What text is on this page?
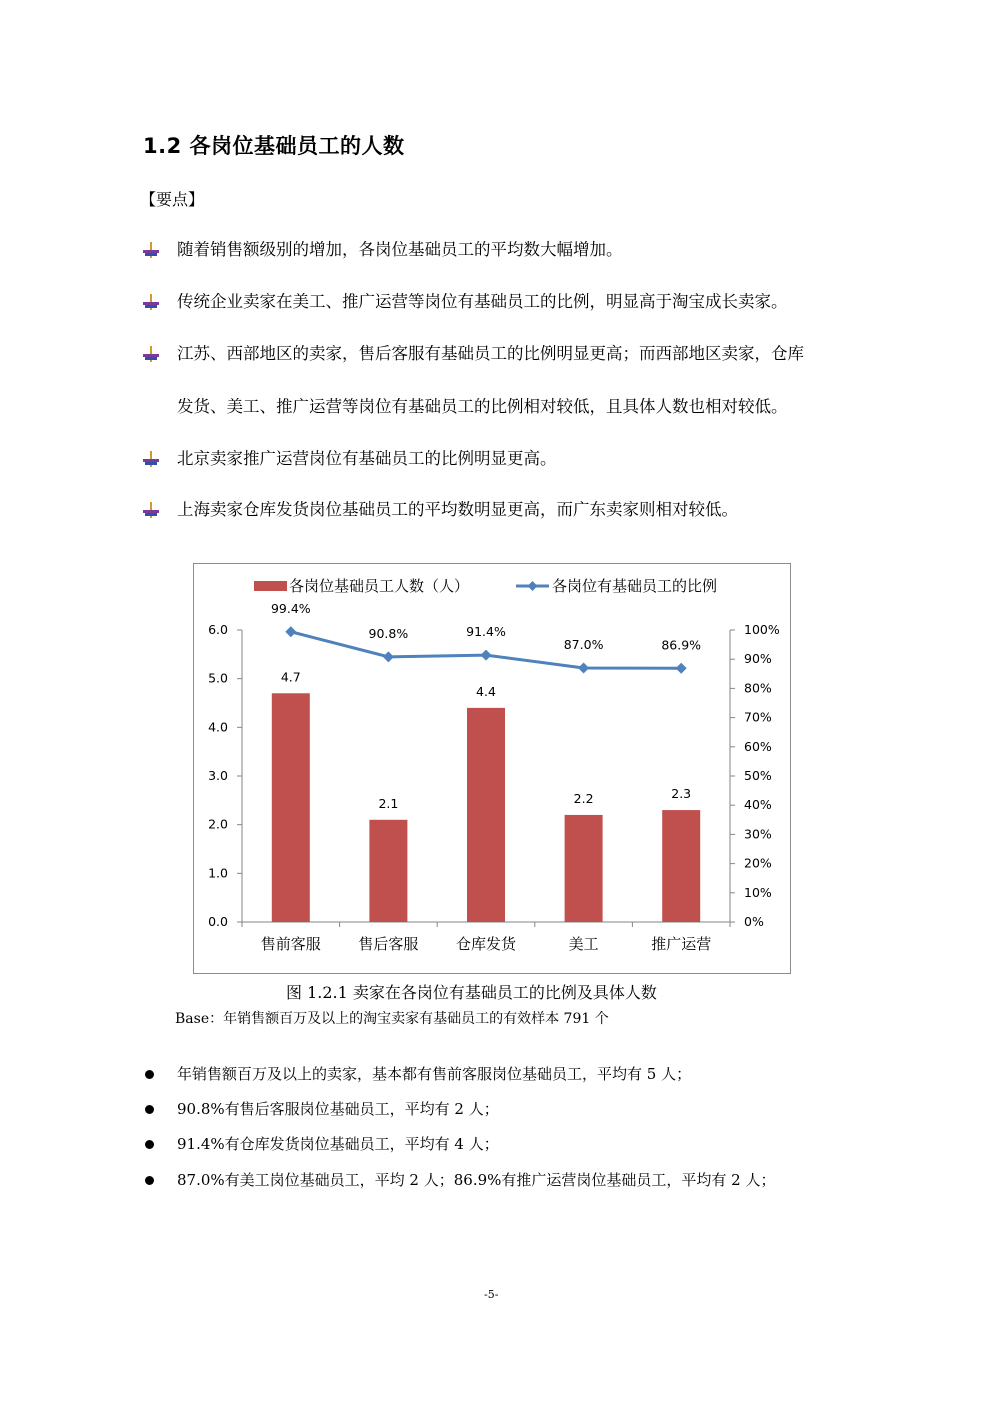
1.2 各岗位基础员工的人数
【要点】
随着销售额级别的增加，各岗位基础员工的平均数大幅增加。
传统企业卖家在美工、推广运营等岗位有基础员工的比例，明显高于淘宝成长卖家。
江苏、西部地区的卖家，售后客服有基础员工的比例明显更高；而西部地区卖家，仓库
发货、美工、推广运营等岗位有基础员工的比例相对较低，且具体人数也相对较低。
北京卖家推广运营岗位有基础员工的比例明显更高。
上海卖家仓库发货岗位基础员工的平均数明显更高，而广东卖家则相对较低。
0.0
1.0
2.0
3.0
4.0
5.0
6.0
0%
10%
20%
30%
40%
50%
60%
70%
80%
90%
100%
4.7
售前客服
2.1
售后客服
4.4
仓库发货
2.2
美工
2.3
推广运营
99.4%
90.8%	91.4%
87.0%	86.9%
各岗位基础员工人数（人）	各岗位有基础员工的比例
图 1.2.1 卖家在各岗位有基础员工的比例及具体人数
Base：年销售额百万及以上的淘宝卖家有基础员工的有效样本 791 个
年销售额百万及以上的卖家，基本都有售前客服岗位基础员工，平均有 5 人；
90.8%有售后客服岗位基础员工，平均有 2 人；
91.4%有仓库发货岗位基础员工，平均有 4 人；
87.0%有美工岗位基础员工，平均 2 人；86.9%有推广运营岗位基础员工，平均有 2 人；
-5-
